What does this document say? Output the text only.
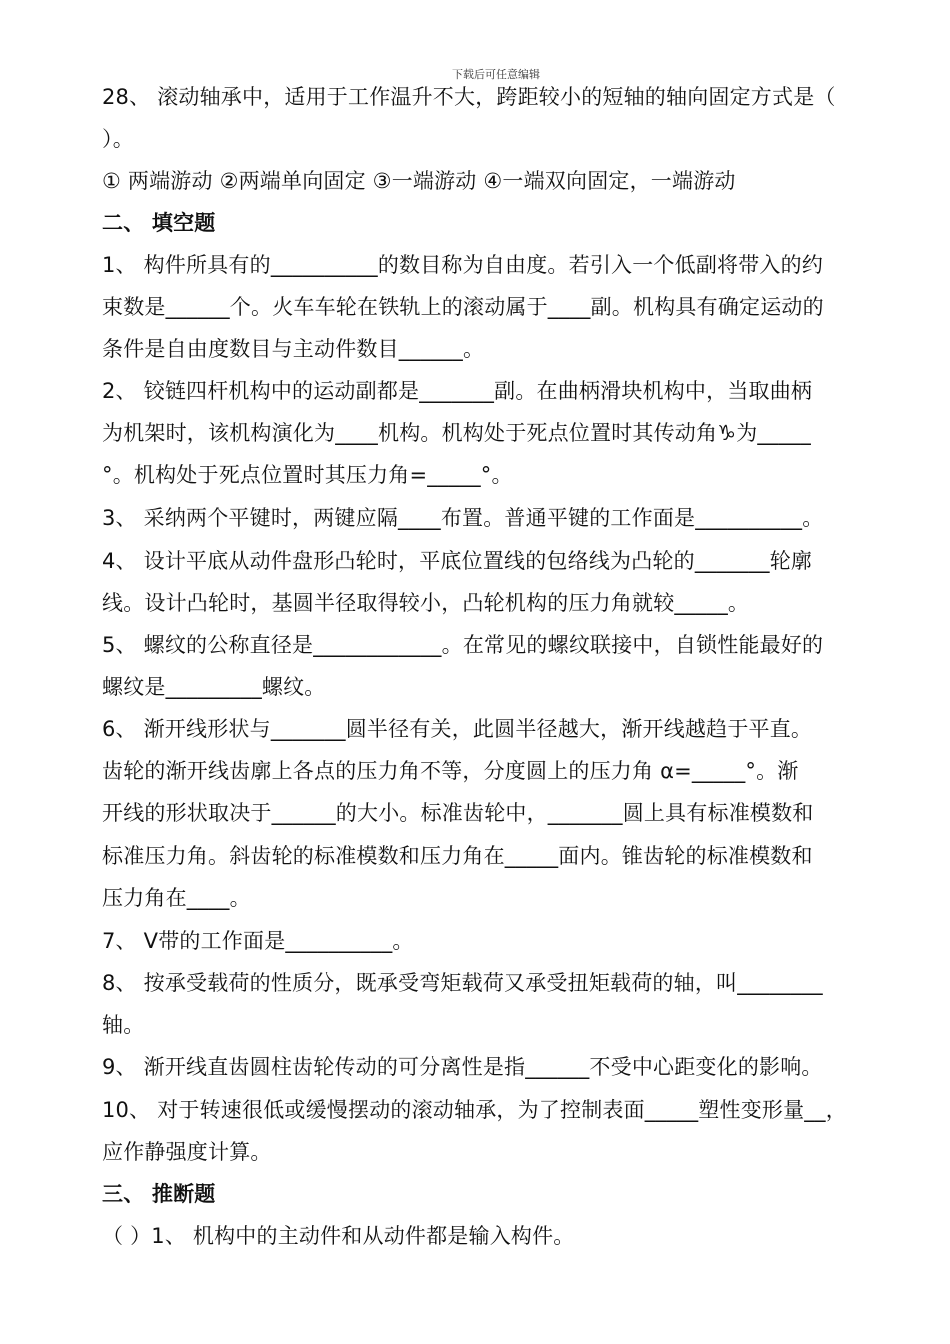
下载后可任意编辑
28、 滚动轴承中，适用于工作温升不大，跨距较小的短轴的轴向固定方式是（
）。
① 两端游动 ②两端单向固定 ③一端游动 ④一端双向固定，一端游动
二、 填空题
1、 构件所具有的__________的数目称为自由度。若引入一个低副将带入的约
束数是______个。火车车轮在铁轨上的滚动属于____副。机构具有确定运动的
条件是自由度数目与主动件数目______。
2、 铰链四杆机构中的运动副都是_______副。在曲柄滑块机构中，当取曲柄
为机架时，该机构演化为____机构。机构处于死点位置时其传动角♑为_____
°。机构处于死点位置时其压力角=_____°。
3、 采纳两个平键时，两键应隔____布置。普通平键的工作面是__________。
4、 设计平底从动件盘形凸轮时，平底位置线的包络线为凸轮的_______轮廓
线。设计凸轮时，基圆半径取得较小，凸轮机构的压力角就较_____。
5、 螺纹的公称直径是____________。在常见的螺纹联接中，自锁性能最好的
螺纹是_________螺纹。
6、 渐开线形状与_______圆半径有关，此圆半径越大，渐开线越趋于平直。
齿轮的渐开线齿廓上各点的压力角不等，分度圆上的压力角 α=_____°。渐
开线的形状取决于______的大小。标准齿轮中，_______圆上具有标准模数和
标准压力角。斜齿轮的标准模数和压力角在_____面内。锥齿轮的标准模数和
压力角在____。
7、 V带的工作面是__________。
8、 按承受载荷的性质分，既承受弯矩载荷又承受扭矩载荷的轴，叫________
轴。
9、 渐开线直齿圆柱齿轮传动的可分离性是指______不受中心距变化的影响。
10、 对于转速很低或缓慢摆动的滚动轴承，为了控制表面_____塑性变形量__，
应作静强度计算。
三、 推断题
（ ）1、 机构中的主动件和从动件都是输入构件。
